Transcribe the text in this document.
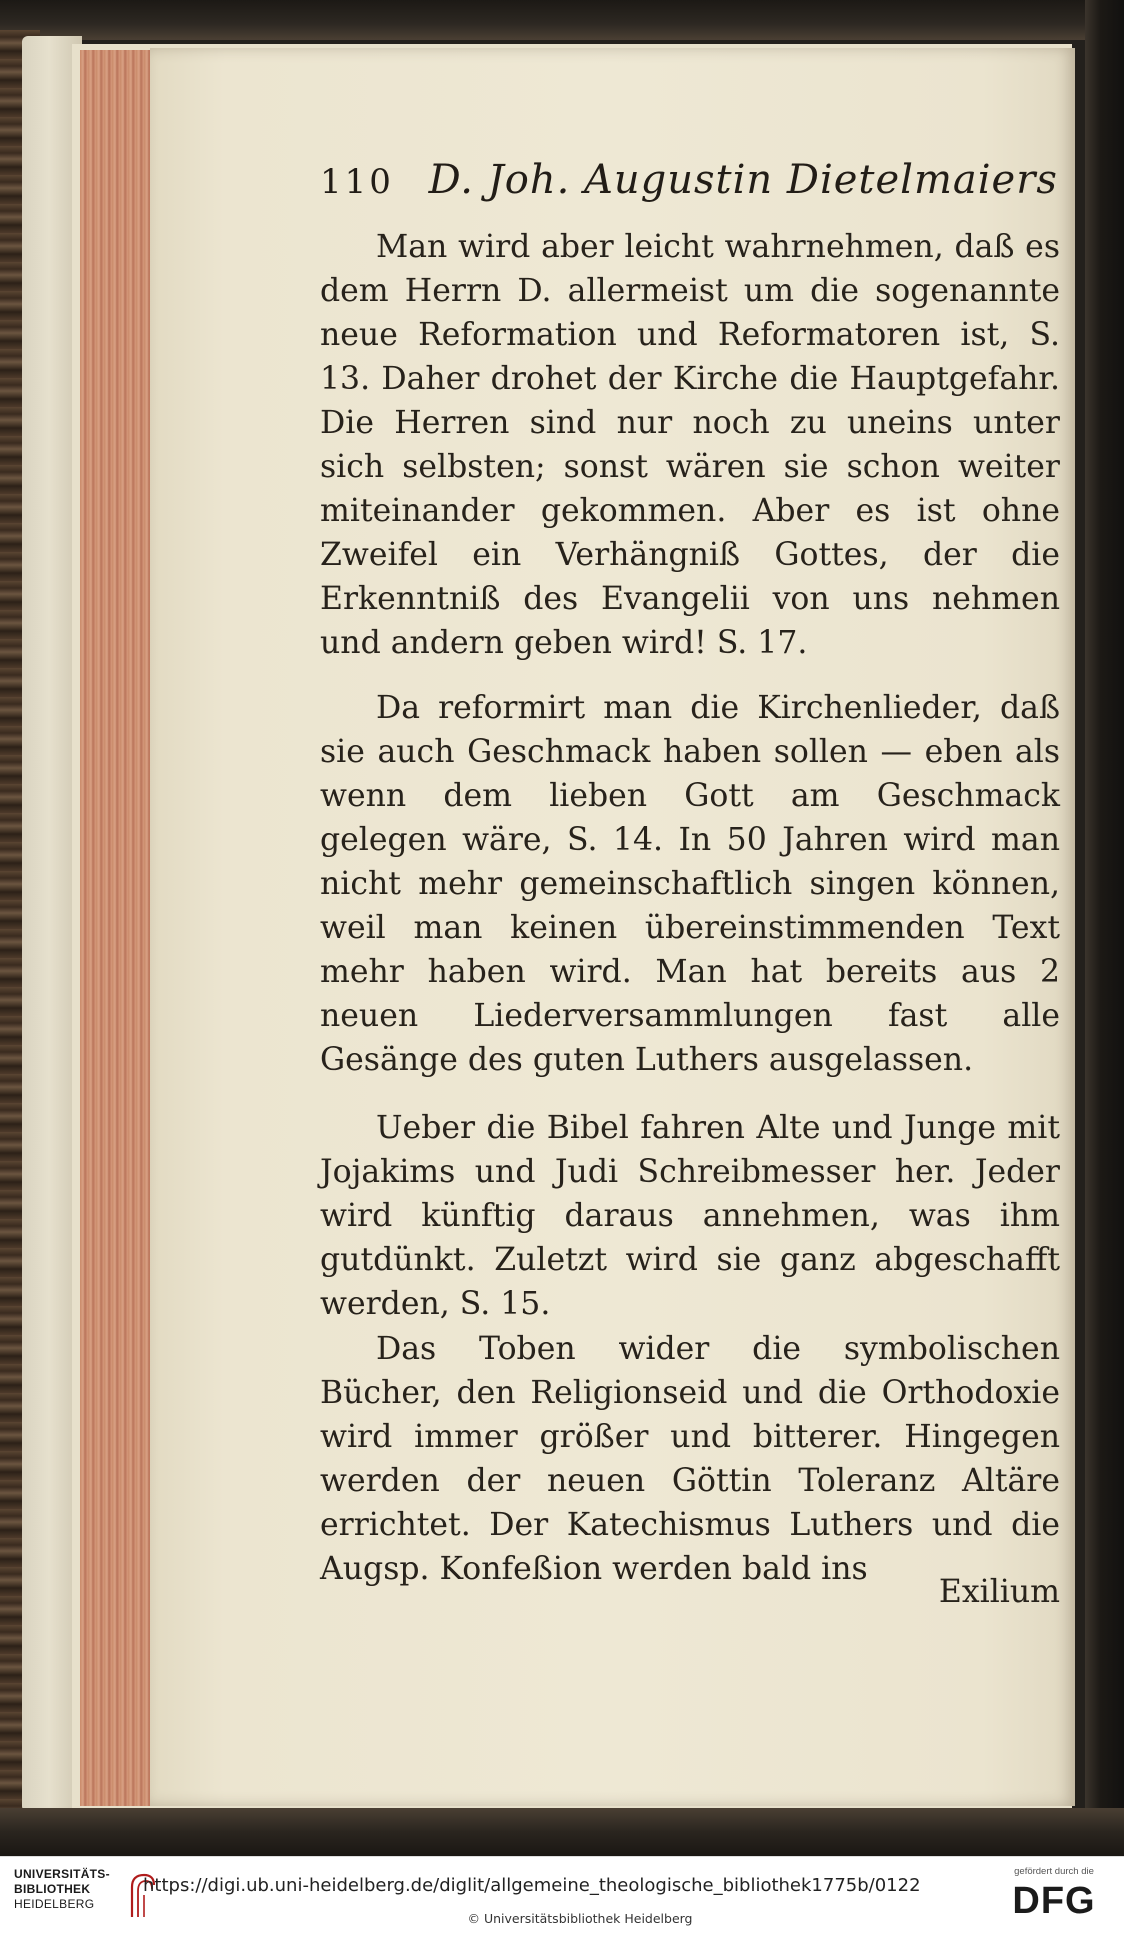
110 D. Joh. Augustin Dietelmaiers

Man wird aber leicht wahrnehmen, daß es dem Herrn D. allermeist um die sogenannte neue Reformation und Reformatoren ist, S. 13. Daher drohet der Kirche die Hauptgefahr. Die Herren sind nur noch zu uneins unter sich selbsten; sonst wären sie schon weiter miteinander gekommen. Aber es ist ohne Zweifel ein Verhängniß Gottes, der die Erkenntniß des Evangelii von uns nehmen und andern geben wird! S. 17.

Da reformirt man die Kirchenlieder, daß sie auch Geschmack haben sollen — eben als wenn dem lieben Gott am Geschmack gelegen wäre, S. 14. In 50 Jahren wird man nicht mehr gemeinschaftlich singen können, weil man keinen übereinstimmenden Text mehr haben wird. Man hat bereits aus 2 neuen Liederversammlungen fast alle Gesänge des guten Luthers ausgelassen.

Ueber die Bibel fahren Alte und Junge mit Jojakims und Judi Schreibmesser her. Jeder wird künftig daraus annehmen, was ihm gutdünkt. Zuletzt wird sie ganz abgeschafft werden, S. 15.

Das Toben wider die symbolischen Bücher, den Religionseid und die Orthodoxie wird immer größer und bitterer. Hingegen werden der neuen Göttin Toleranz Altäre errichtet. Der Katechismus Luthers und die Augsp. Konfeßion werden bald ins

Exilium
UNIVERSITÄTS-
BIBLIOTHEK
HEIDELBERG
https://digi.ub.uni-heidelberg.de/diglit/allgemeine_theologische_bibliothek1775b/0122
© Universitätsbibliothek Heidelberg
gefördert durch die
DFG
